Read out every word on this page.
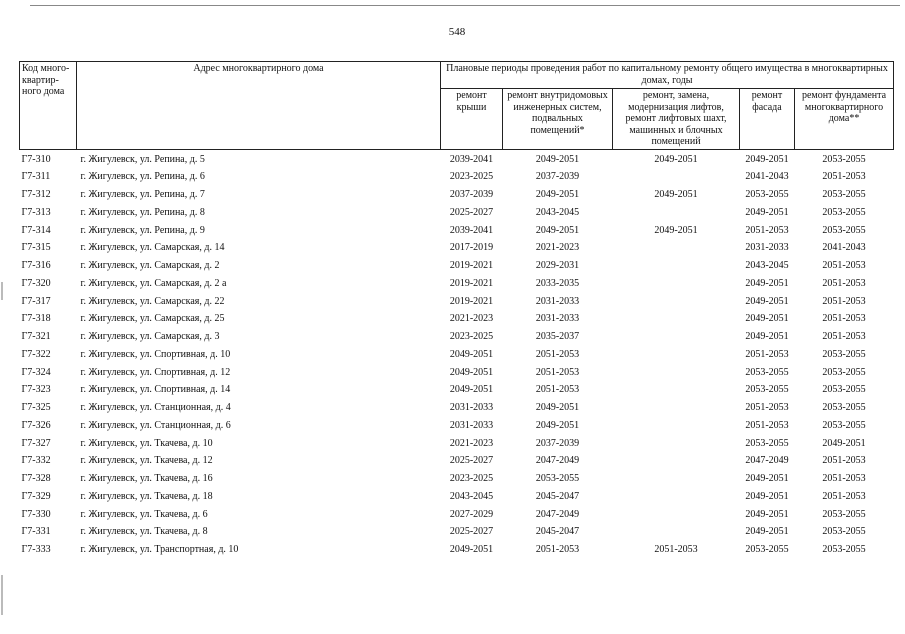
548
Код много-квартир-ного дома	Адрес многоквартирного дома	Плановые периоды проведения работ по капитальному ремонту общего имущества в многоквартирных домах, годы				
		ремонт крыши	ремонт внутридомовых инженерных систем, подвальных помещений*	ремонт, замена, модернизация лифтов, ремонт лифтовых шахт, машинных и блочных помещений	ремонт фасада	ремонт фундамента многоквартирного дома**
Г7-310	г. Жигулевск, ул. Репина, д. 5	2039-2041	2049-2051	2049-2051	2049-2051	2053-2055
Г7-311	г. Жигулевск, ул. Репина, д. 6	2023-2025	2037-2039		2041-2043	2051-2053
Г7-312	г. Жигулевск, ул. Репина, д. 7	2037-2039	2049-2051	2049-2051	2053-2055	2053-2055
Г7-313	г. Жигулевск, ул. Репина, д. 8	2025-2027	2043-2045		2049-2051	2053-2055
Г7-314	г. Жигулевск, ул. Репина, д. 9	2039-2041	2049-2051	2049-2051	2051-2053	2053-2055
Г7-315	г. Жигулевск, ул. Самарская, д. 14	2017-2019	2021-2023		2031-2033	2041-2043
Г7-316	г. Жигулевск, ул. Самарская, д. 2	2019-2021	2029-2031		2043-2045	2051-2053
Г7-320	г. Жигулевск, ул. Самарская, д. 2 а	2019-2021	2033-2035		2049-2051	2051-2053
Г7-317	г. Жигулевск, ул. Самарская, д. 22	2019-2021	2031-2033		2049-2051	2051-2053
Г7-318	г. Жигулевск, ул. Самарская, д. 25	2021-2023	2031-2033		2049-2051	2051-2053
Г7-321	г. Жигулевск, ул. Самарская, д. 3	2023-2025	2035-2037		2049-2051	2051-2053
Г7-322	г. Жигулевск, ул. Спортивная, д. 10	2049-2051	2051-2053		2051-2053	2053-2055
Г7-324	г. Жигулевск, ул. Спортивная, д. 12	2049-2051	2051-2053		2053-2055	2053-2055
Г7-323	г. Жигулевск, ул. Спортивная, д. 14	2049-2051	2051-2053		2053-2055	2053-2055
Г7-325	г. Жигулевск, ул. Станционная, д. 4	2031-2033	2049-2051		2051-2053	2053-2055
Г7-326	г. Жигулевск, ул. Станционная, д. 6	2031-2033	2049-2051		2051-2053	2053-2055
Г7-327	г. Жигулевск, ул. Ткачева, д. 10	2021-2023	2037-2039		2053-2055	2049-2051
Г7-332	г. Жигулевск, ул. Ткачева, д. 12	2025-2027	2047-2049		2047-2049	2051-2053
Г7-328	г. Жигулевск, ул. Ткачева, д. 16	2023-2025	2053-2055		2049-2051	2051-2053
Г7-329	г. Жигулевск, ул. Ткачева, д. 18	2043-2045	2045-2047		2049-2051	2051-2053
Г7-330	г. Жигулевск, ул. Ткачева, д. 6	2027-2029	2047-2049		2049-2051	2053-2055
Г7-331	г. Жигулевск, ул. Ткачева, д. 8	2025-2027	2045-2047		2049-2051	2053-2055
Г7-333	г. Жигулевск, ул. Транспортная, д. 10	2049-2051	2051-2053	2051-2053	2053-2055	2053-2055
